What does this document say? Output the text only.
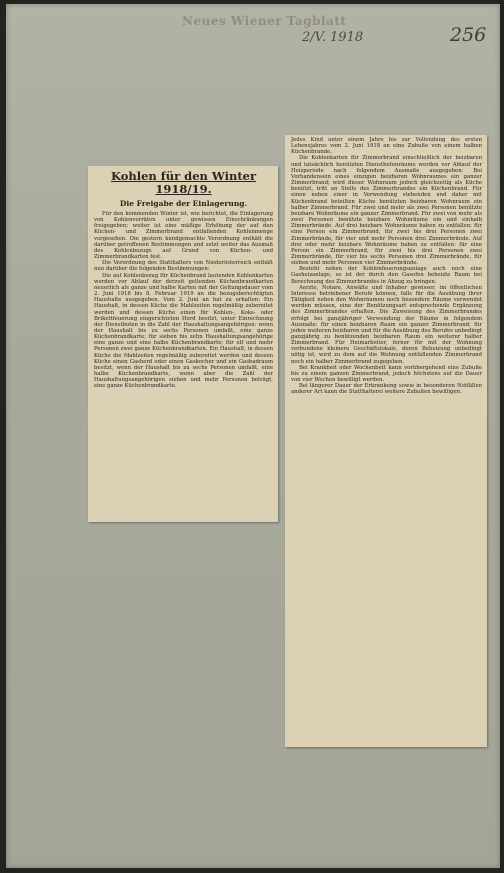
Neues Wiener Tagblatt
2/V. 1918	256
Kohlen für den Winter 1918/19.
Die Freigabe der Einlagerung.

Für den kommenden Winter ist, wie berichtet, die Einlagerung von Kohlenvorräten unter gewissen Einschränkungen freigegeben; weiter ist eine mäßige Erhöhung der auf den Küchen- und Zimmerbrand entfallenden Kohlenmenge vorgesehen. Die gestern kundgemachte Verordnung enthält die darüber getroffenen Bestimmungen und setzt weiter das Ausmaß des Kohlenbezugs auf Grund von Küchen- und Zimmerbrandkarten fest.

Die Verordnung des Statthalters von Niederösterreich enthält nun darüber die folgenden Bestimmungen:

Die auf Kohlenbezug für Küchenbrand lautenden Kohlenkarten werden vor Ablauf der derzeit geltenden Küchenbrandkarten neuerlich als ganze und halbe Karten mit der Geltungsdauer vom 2. Juni 1918 bis 8. Februar 1919 an die bezugsberechtigten Haushalte ausgegeben. Vom 2. Juni an hat zu erhalten: Ein Haushalt, in dessen Küche die Mahlzeiten regelmäßig zubereitet werden und dessen Küche einen für Kohlen-, Koks- oder Brikettfeuerung eingerichteten Herd besitzt, unter Einrechnung der Dienstboten in die Zahl der Haushaltungsangehörigen: wenn der Haushalt bis zu sechs Personen umfaßt, eine ganze Küchenbrandkarte; für sieben bis zehn Haushaltungsangehörige eine ganze und eine halbe Küchenbrandkarte; für elf und mehr Personen zwei ganze Küchenbrandkarten. Ein Haushalt, in dessen Küche die Mahlzeiten regelmäßig zubereitet werden und dessen Küche einen Gasherd oder einen Gaskocher und ein Gasbadraum besitzt, wenn der Haushalt bis zu sechs Personen umfaßt, eine halbe Küchenbrandkarte, wenn aber die Zahl der Haushaltungsangehörigen sieben und mehr Personen beträgt, eine ganze Küchenbrandkarte.

Jedes Kind unter einem Jahre bis zur Vollendung des ersten Lebensjahres vom 2. Juni 1918 an eine Zubuße von einem halben Küchenbrande.

Die Kohlenkarten für Zimmerbrand einschließlich der beizbaren und tatsächlich benützten Dienstbotenräume werden vor Ablauf der Heizperiode nach folgendem Ausmaße ausgegeben: Bei Vorhandensein eines einzigen beizbaren Wohnraumes ein ganzer Zimmerbrand; wird dieser Wohnraum jedoch gleichzeitig als Küche benützt, tritt an Stelle des Zimmerbrandes ein Küchenbrand. Für einen neben einer in Verwendung stehenden und daher mit Küchenbrand beteilten Küche benützten beizbaren Wohnraum ein halber Zimmerbrand. Für zwei und mehr als zwei Personen benützte beizbare Wohnräume ein ganzer Zimmerbrand. Für zwei von mehr als zwei Personen benützte beizbare Wohnräume ein und einhalb Zimmerbrände. Auf drei beizbare Wohnräume haben zu entfallen: für eine Person ein Zimmerbrand, für zwei bis drei Personen zwei Zimmerbrände, für vier und mehr Personen drei Zimmerbrände. Auf drei oder mehr beizbare Wohnräume haben zu entfallen: für eine Person ein Zimmerbrand, für zwei bis drei Personen zwei Zimmerbrände, für vier bis sechs Personen drei Zimmerbrände, für sieben und mehr Personen vier Zimmerbrände.

Besteht neben der Kohlenfeuerungsanlage auch noch eine Gasheizanlage, so ist der durch den Gasofen beheizte Raum bei Berechnung des Zimmerbrandes in Abzug zu bringen.

Aerzte, Notare, Anwälte und Inhaber gewisser, im öffentlichen Interesse betriebener Berufe können, falls für die Ausübung ihrer Tätigkeit neben den Wohnräumen noch besondere Räume verwendet werden müssen, eine der Benützungsart entsprechende Ergänzung des Zimmerbrandes erhalten. Die Zuweisung des Zimmerbrandes erfolgt bei ganzjähriger Verwendung der Räume in folgendem Ausmaße: für einen beizbaren Raum ein ganzer Zimmerbrand; für jeden weiteren beizbaren und für die Ausübung des Berufes unbedingt ganzjährig zu benützenden beizbaren Raum ein weiterer halber Zimmerbrand. Für Heimarbeiter, ferner für mit der Wohnung verbundene kleinere Geschäftslokale, deren Beheizung unbedingt nötig ist, wird zu dem auf die Wohnung entfallenden Zimmerbrand noch ein halber Zimmerbrand zugegeben.

Bei Krankheit oder Wochenbett kann vorübergehend eine Zubuße bis zu einem ganzen Zimmerbrand, jedoch höchstens auf die Dauer von vier Wochen bewilligt werden.

Bei längerer Dauer der Erkrankung sowie in besonderen Notfällen anderer Art kann die Statthalterei weitere Zubußen bewilligen.
